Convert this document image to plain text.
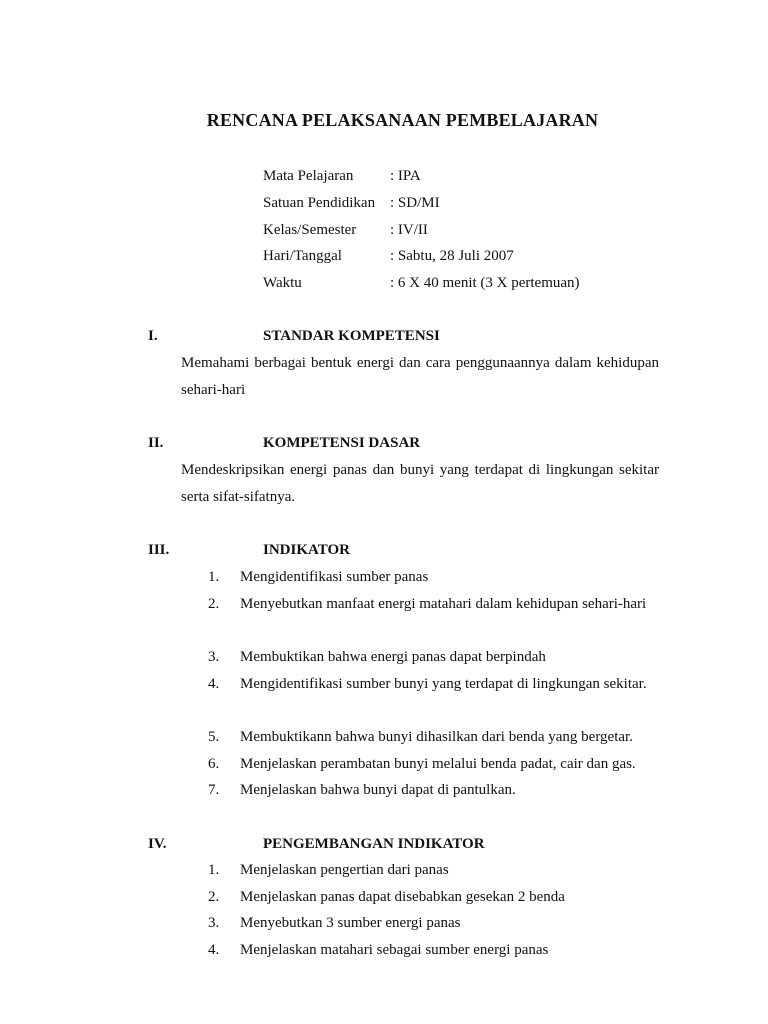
RENCANA PELAKSANAAN PEMBELAJARAN
Mata Pelajaran : IPA
Satuan Pendidikan : SD/MI
Kelas/Semester : IV/II
Hari/Tanggal	: Sabtu, 28 Juli 2007
Waktu	: 6 X 40 menit (3 X pertemuan)
I.	STANDAR KOMPETENSI
Memahami berbagai bentuk energi dan cara penggunaannya dalam kehidupan sehari-hari
II.	KOMPETENSI DASAR
Mendeskripsikan energi panas dan bunyi yang terdapat di lingkungan sekitar serta sifat-sifatnya.
III.	INDIKATOR
1. Mengidentifikasi sumber panas
2. Menyebutkan manfaat energi matahari dalam kehidupan sehari-hari
3. Membuktikan bahwa energi panas dapat berpindah
4. Mengidentifikasi sumber bunyi yang terdapat di lingkungan sekitar.
5. Membuktikann bahwa bunyi dihasilkan dari benda yang bergetar.
6. Menjelaskan perambatan bunyi melalui benda padat, cair dan gas.
7. Menjelaskan bahwa bunyi dapat di pantulkan.
IV.	PENGEMBANGAN INDIKATOR
1. Menjelaskan pengertian dari panas
2. Menjelaskan panas dapat disebabkan gesekan 2 benda
3. Menyebutkan 3 sumber energi panas
4. Menjelaskan matahari sebagai sumber energi panas
